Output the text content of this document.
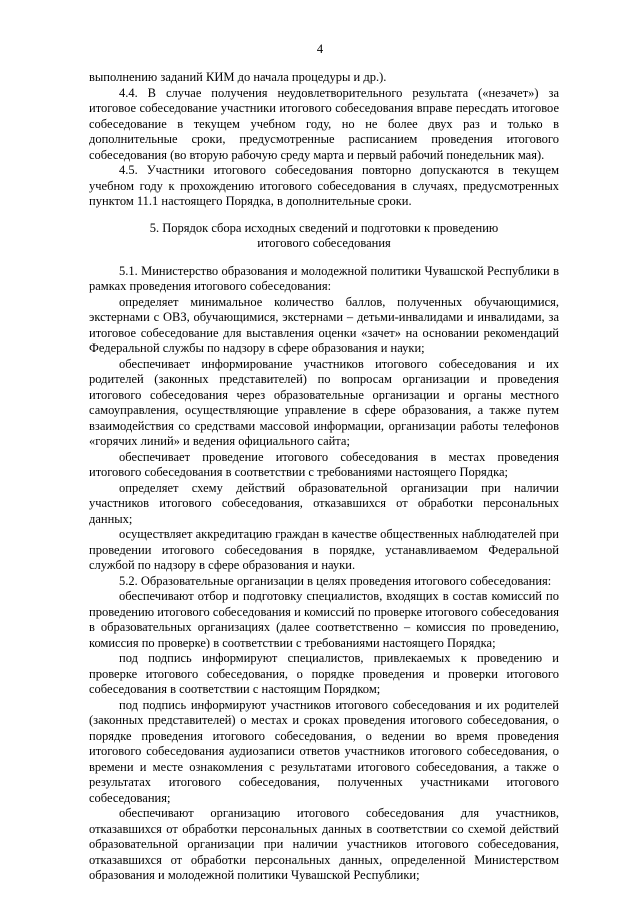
4

выполнению заданий КИМ до начала процедуры и др.).

4.4. В случае получения неудовлетворительного результата («незачет») за итоговое собеседование участники итогового собеседования вправе пересдать итоговое собеседование в текущем учебном году, но не более двух раз и только в дополнительные сроки, предусмотренные расписанием проведения итогового собеседования (во вторую рабочую среду марта и первый рабочий понедельник мая).

4.5. Участники итогового собеседования повторно допускаются в текущем учебном году к прохождению итогового собеседования в случаях, предусмотренных пунктом 11.1 настоящего Порядка, в дополнительные сроки.

5. Порядок сбора исходных сведений и подготовки к проведению
итогового собеседования

5.1. Министерство образования и молодежной политики Чувашской Республики в рамках проведения итогового собеседования:

определяет минимальное количество баллов, полученных обучающимися, экстернами с ОВЗ, обучающимися, экстернами – детьми-инвалидами и инвалидами, за итоговое собеседование для выставления оценки «зачет» на основании рекомендаций Федеральной службы по надзору в сфере образования и науки;

обеспечивает информирование участников итогового собеседования и их родителей (законных представителей) по вопросам организации и проведения итогового собеседования через образовательные организации и органы местного самоуправления, осуществляющие управление в сфере образования, а также путем взаимодействия со средствами массовой информации, организации работы телефонов «горячих линий» и ведения официального сайта;

обеспечивает проведение итогового собеседования в местах проведения итогового собеседования в соответствии с требованиями настоящего Порядка;

определяет схему действий образовательной организации при наличии участников итогового собеседования, отказавшихся от обработки персональных данных;

осуществляет аккредитацию граждан в качестве общественных наблюдателей при проведении итогового собеседования в порядке, устанавливаемом Федеральной службой по надзору в сфере образования и науки.

5.2. Образовательные организации в целях проведения итогового собеседования:

обеспечивают отбор и подготовку специалистов, входящих в состав комиссий по проведению итогового собеседования и комиссий по проверке итогового собеседования в образовательных организациях (далее соответственно – комиссия по проведению, комиссия по проверке) в соответствии с требованиями настоящего Порядка;

под подпись информируют специалистов, привлекаемых к проведению и проверке итогового собеседования, о порядке проведения и проверки итогового собеседования в соответствии с настоящим Порядком;

под подпись информируют участников итогового собеседования и их родителей (законных представителей) о местах и сроках проведения итогового собеседования, о порядке проведения итогового собеседования, о ведении во время проведения итогового собеседования аудиозаписи ответов участников итогового собеседования, о времени и месте ознакомления с результатами итогового собеседования, а также о результатах итогового собеседования, полученных участниками итогового собеседования;

обеспечивают организацию итогового собеседования для участников, отказавшихся от обработки персональных данных в соответствии со схемой действий образовательной организации при наличии участников итогового собеседования, отказавшихся от обработки персональных данных, определенной Министерством образования и молодежной политики Чувашской Республики;
